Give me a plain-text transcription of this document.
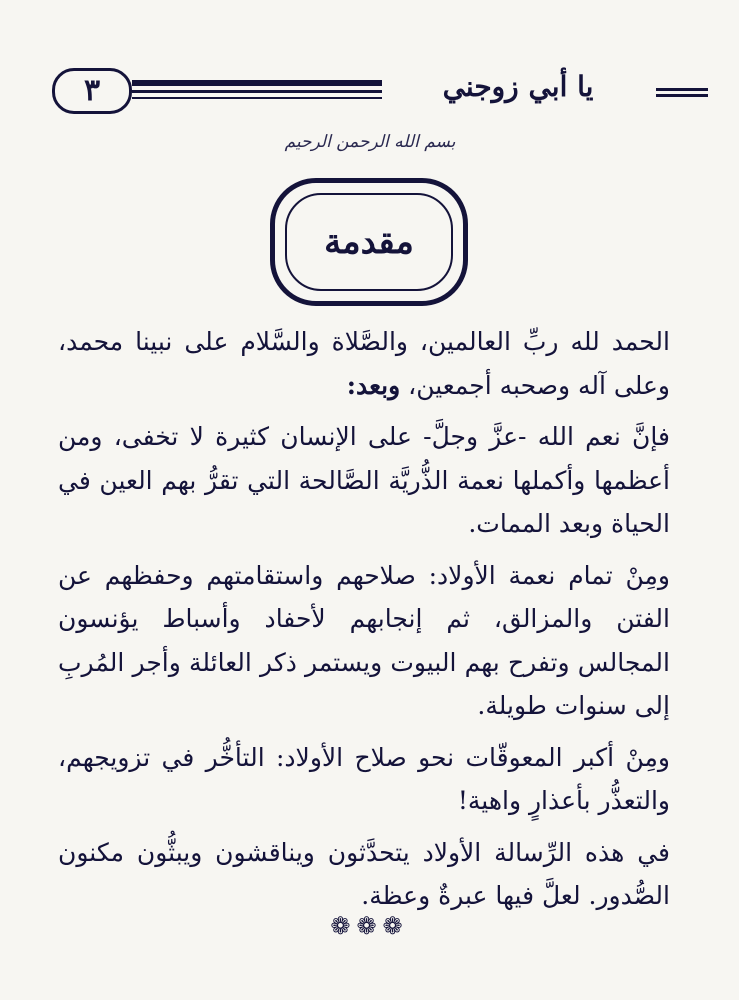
٣	يا أبي زوجني
بسم الله الرحمن الرحيم
مقدمة

الحمد لله ربِّ العالمين، والصَّلاة والسَّلام على نبينا محمد، وعلى آله وصحبه أجمعين، وبعد:

فإنَّ نعم الله -عزَّ وجلَّ- على الإنسان كثيرة لا تخفى، ومن أعظمها وأكملها نعمة الذُّريَّة الصَّالحة التي تقرُّ بهم العين في الحياة وبعد الممات.

ومِنْ تمام نعمة الأولاد: صلاحهم واستقامتهم وحفظهم عن الفتن والمزالق، ثم إنجابهم لأحفاد وأسباط يؤنسون المجالس وتفرح بهم البيوت ويستمر ذكر العائلة وأجر المُربِ إلى سنوات طويلة.

ومِنْ أكبر المعوقّات نحو صلاح الأولاد: التأخُّر في تزويجهم، والتعذُّر بأعذارٍ واهية!

في هذه الرِّسالة الأولاد يتحدَّثون ويناقشون ويبثُّون مكنون الصُّدور. لعلَّ فيها عبرةٌ وعظة.

❁❁❁
